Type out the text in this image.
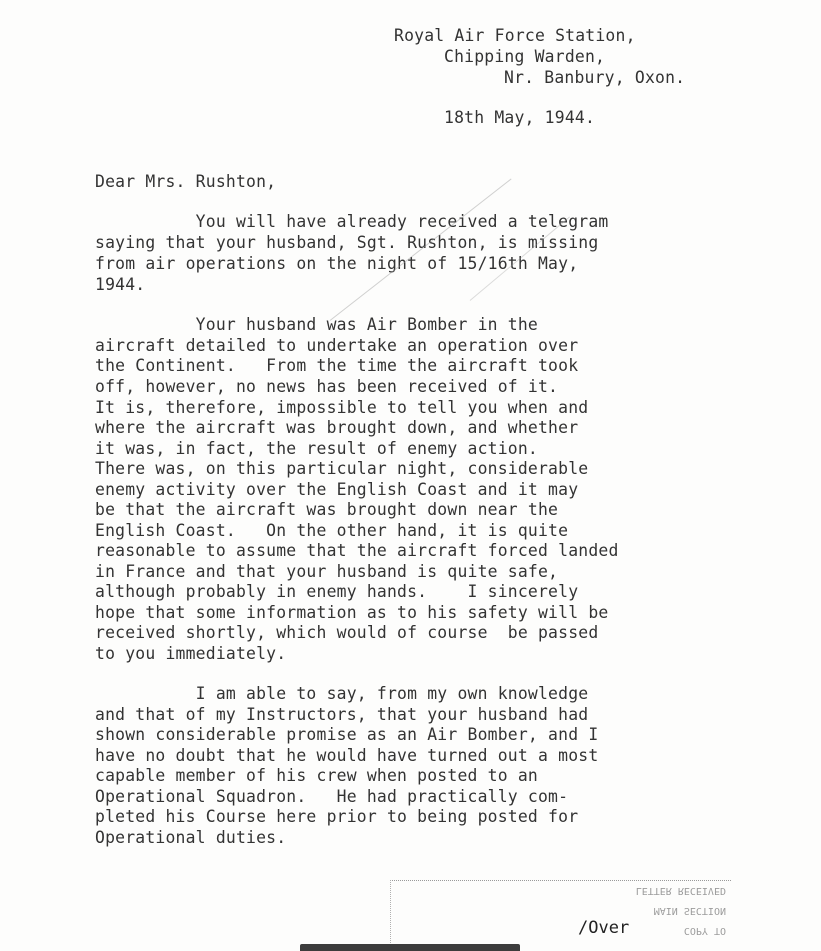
Royal Air Force Station,
Chipping Warden,
Nr. Banbury, Oxon.
18th May, 1944.
Dear Mrs. Rushton,
You will have already received a telegram
saying that your husband, Sgt. Rushton, is missing
from air operations on the night of 15/16th May,
1944.
Your husband was Air Bomber in the
aircraft detailed to undertake an operation over
the Continent.   From the time the aircraft took
off, however, no news has been received of it.
It is, therefore, impossible to tell you when and
where the aircraft was brought down, and whether
it was, in fact, the result of enemy action.
There was, on this particular night, considerable
enemy activity over the English Coast and it may
be that the aircraft was brought down near the
English Coast.   On the other hand, it is quite
reasonable to assume that the aircraft forced landed
in France and that your husband is quite safe,
although probably in enemy hands.    I sincerely
hope that some information as to his safety will be
received shortly, which would of course  be passed
to you immediately.
I am able to say, from my own knowledge
and that of my Instructors, that your husband had
shown considerable promise as an Air Bomber, and I
have no doubt that he would have turned out a most
capable member of his crew when posted to an
Operational Squadron.   He had practically com-
pleted his Course here prior to being posted for
Operational duties.
LETTER RECEIVED
MAIN SECTION
COPY TO
/Over
